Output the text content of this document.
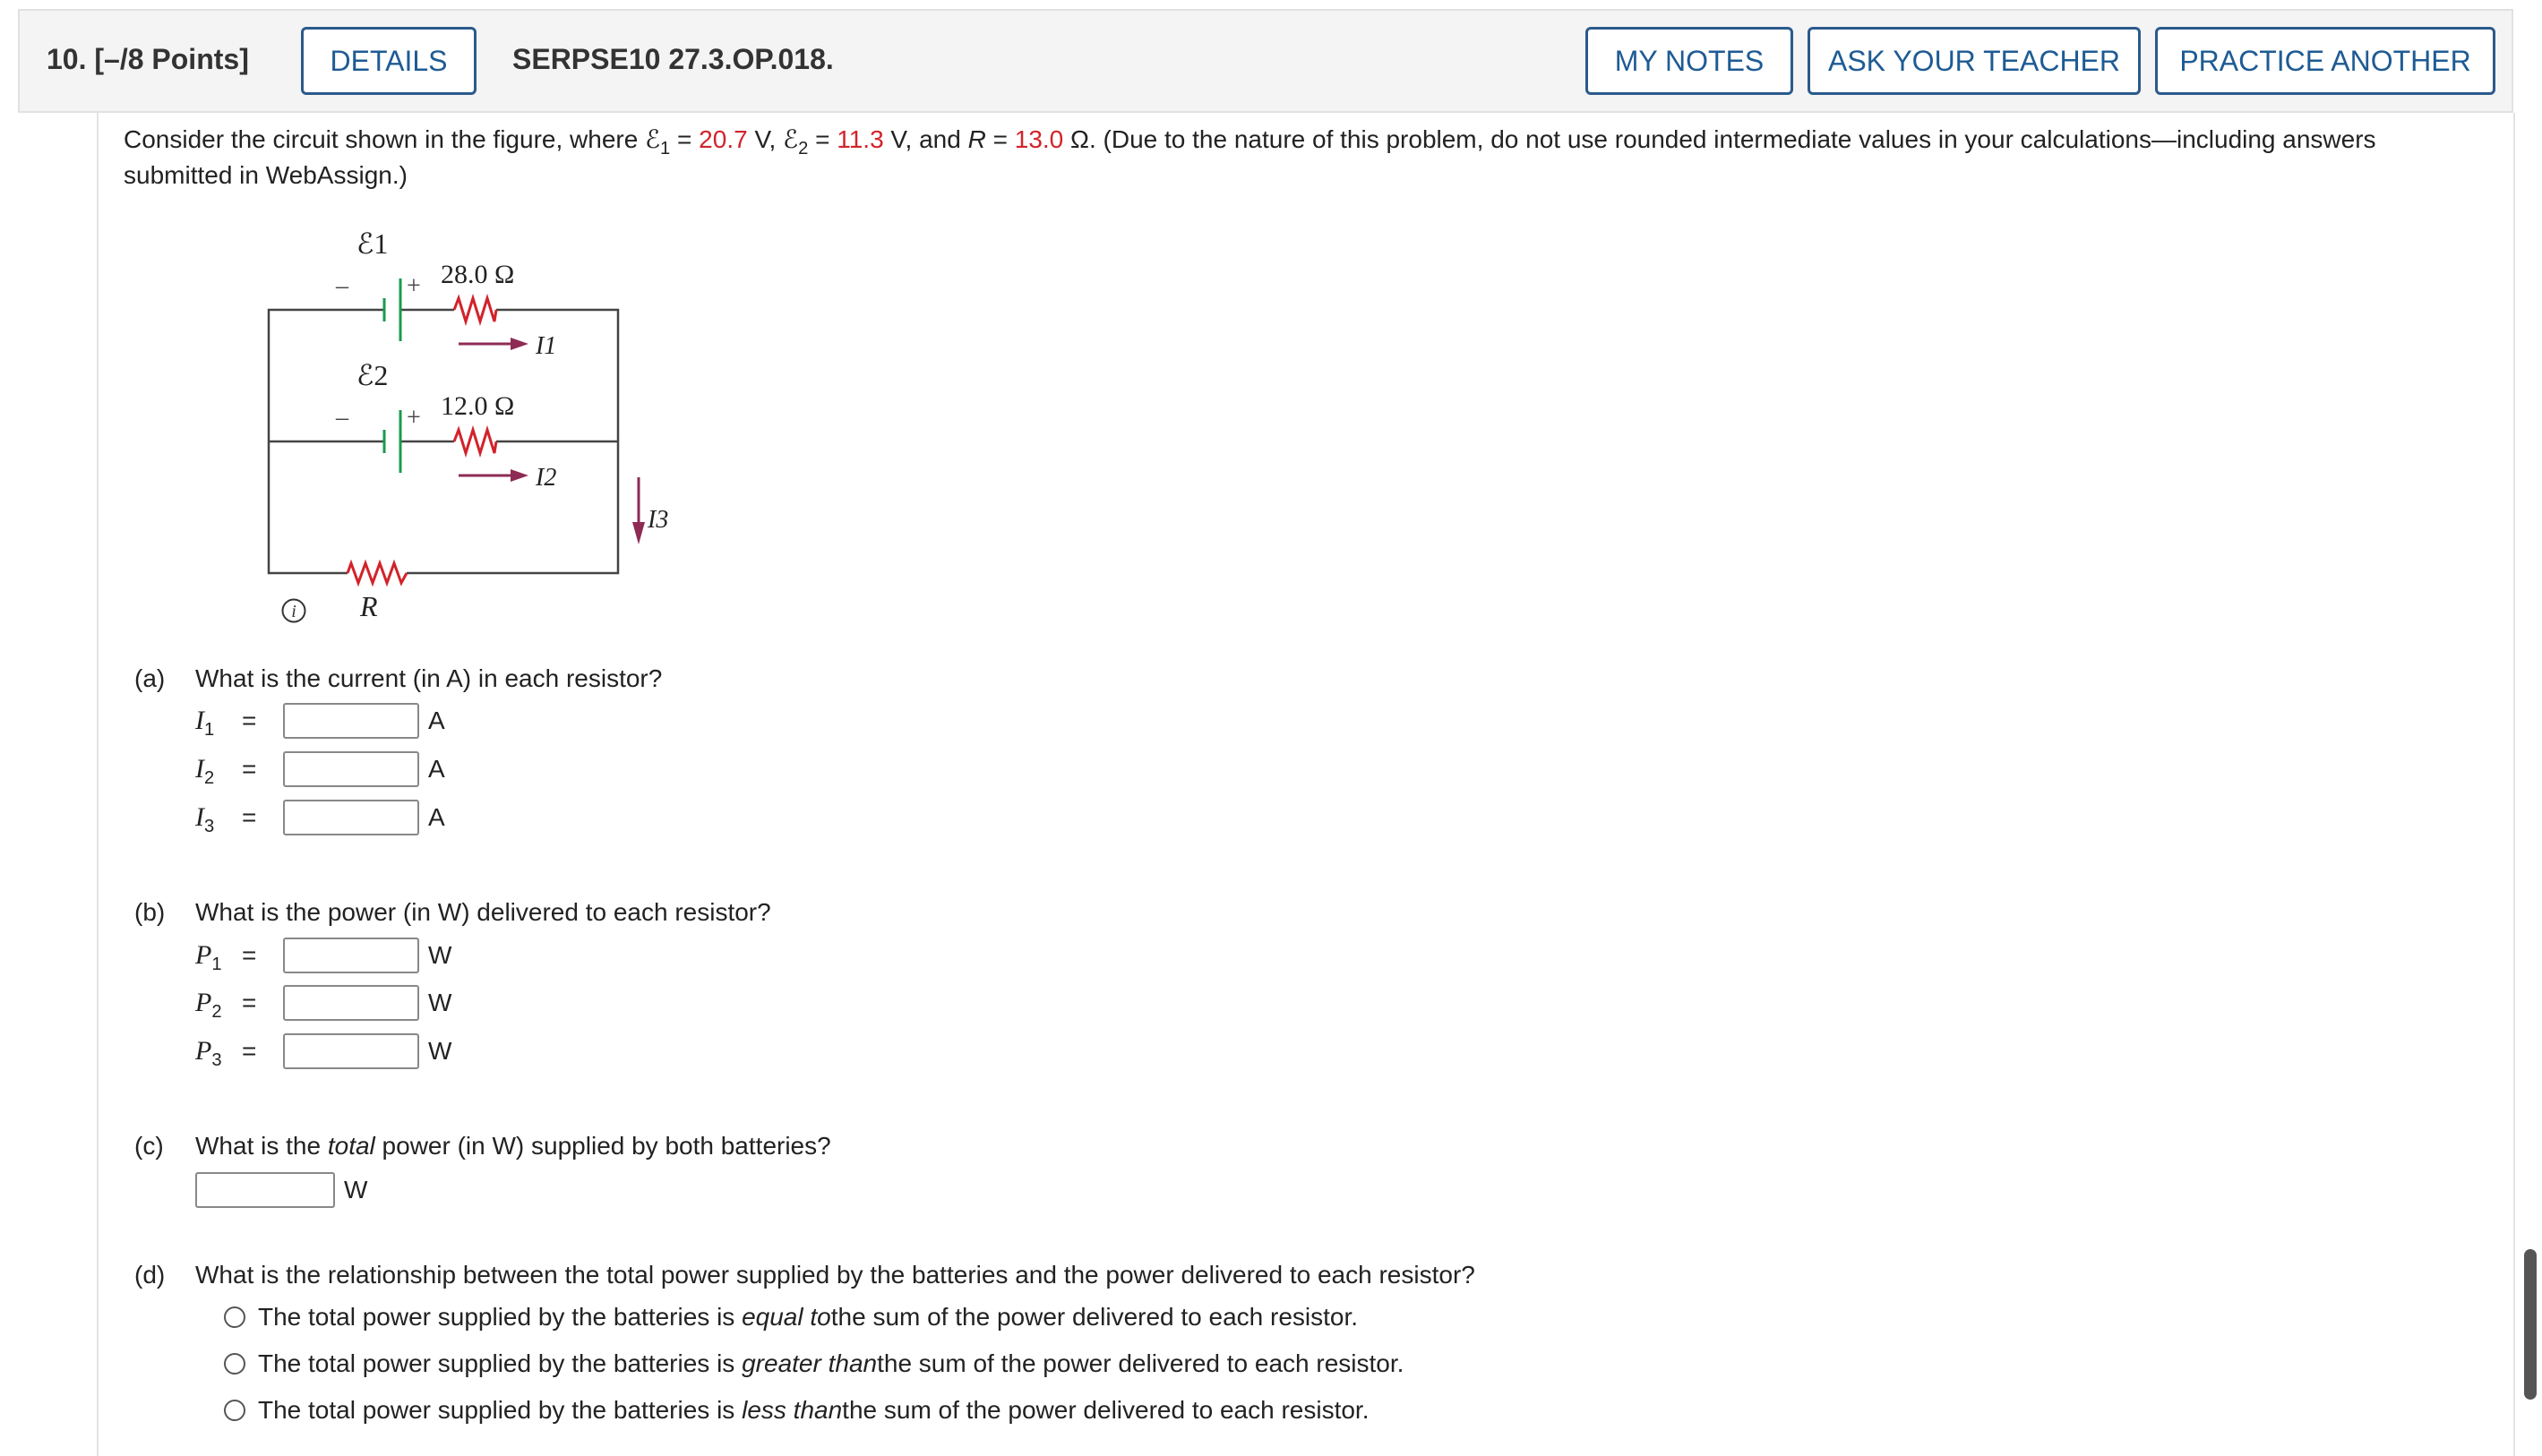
10. [–/8 Points]	DETAILS	SERPSE10 27.3.OP.018.	MY NOTES	ASK YOUR TEACHER	PRACTICE ANOTHER
Consider the circuit shown in the figure, where ℰ$_1$ = 20.7 V, ℰ$_2$ = 11.3 V, and R = 13.0 Ω. (Due to the nature of this problem, do not use rounded intermediate values in your calculations—including answers submitted in WebAssign.)
ℰ1
– + 28.0 Ω
I1
ℰ2
– + 12.0 Ω
I2
I3
R
i
(a) What is the current (in A) in each resistor?
$I_1$	=	A
$I_2$	=	A
$I_3$	=	A
(b) What is the power (in W) delivered to each resistor?
$P_1$ =	W
$P_2$ =	W
$P_3$ =	W
(c) What is the total power (in W) supplied by both batteries?
W
(d) What is the relationship between the total power supplied by the batteries and the power delivered to each resistor?
The total power supplied by the batteries is
equal to the sum of the power delivered to each resistor.
The total power supplied by the batteries is
greater than the sum of the power delivered to each resistor.
The total power supplied by the batteries is
less than the sum of the power delivered to each resistor.
